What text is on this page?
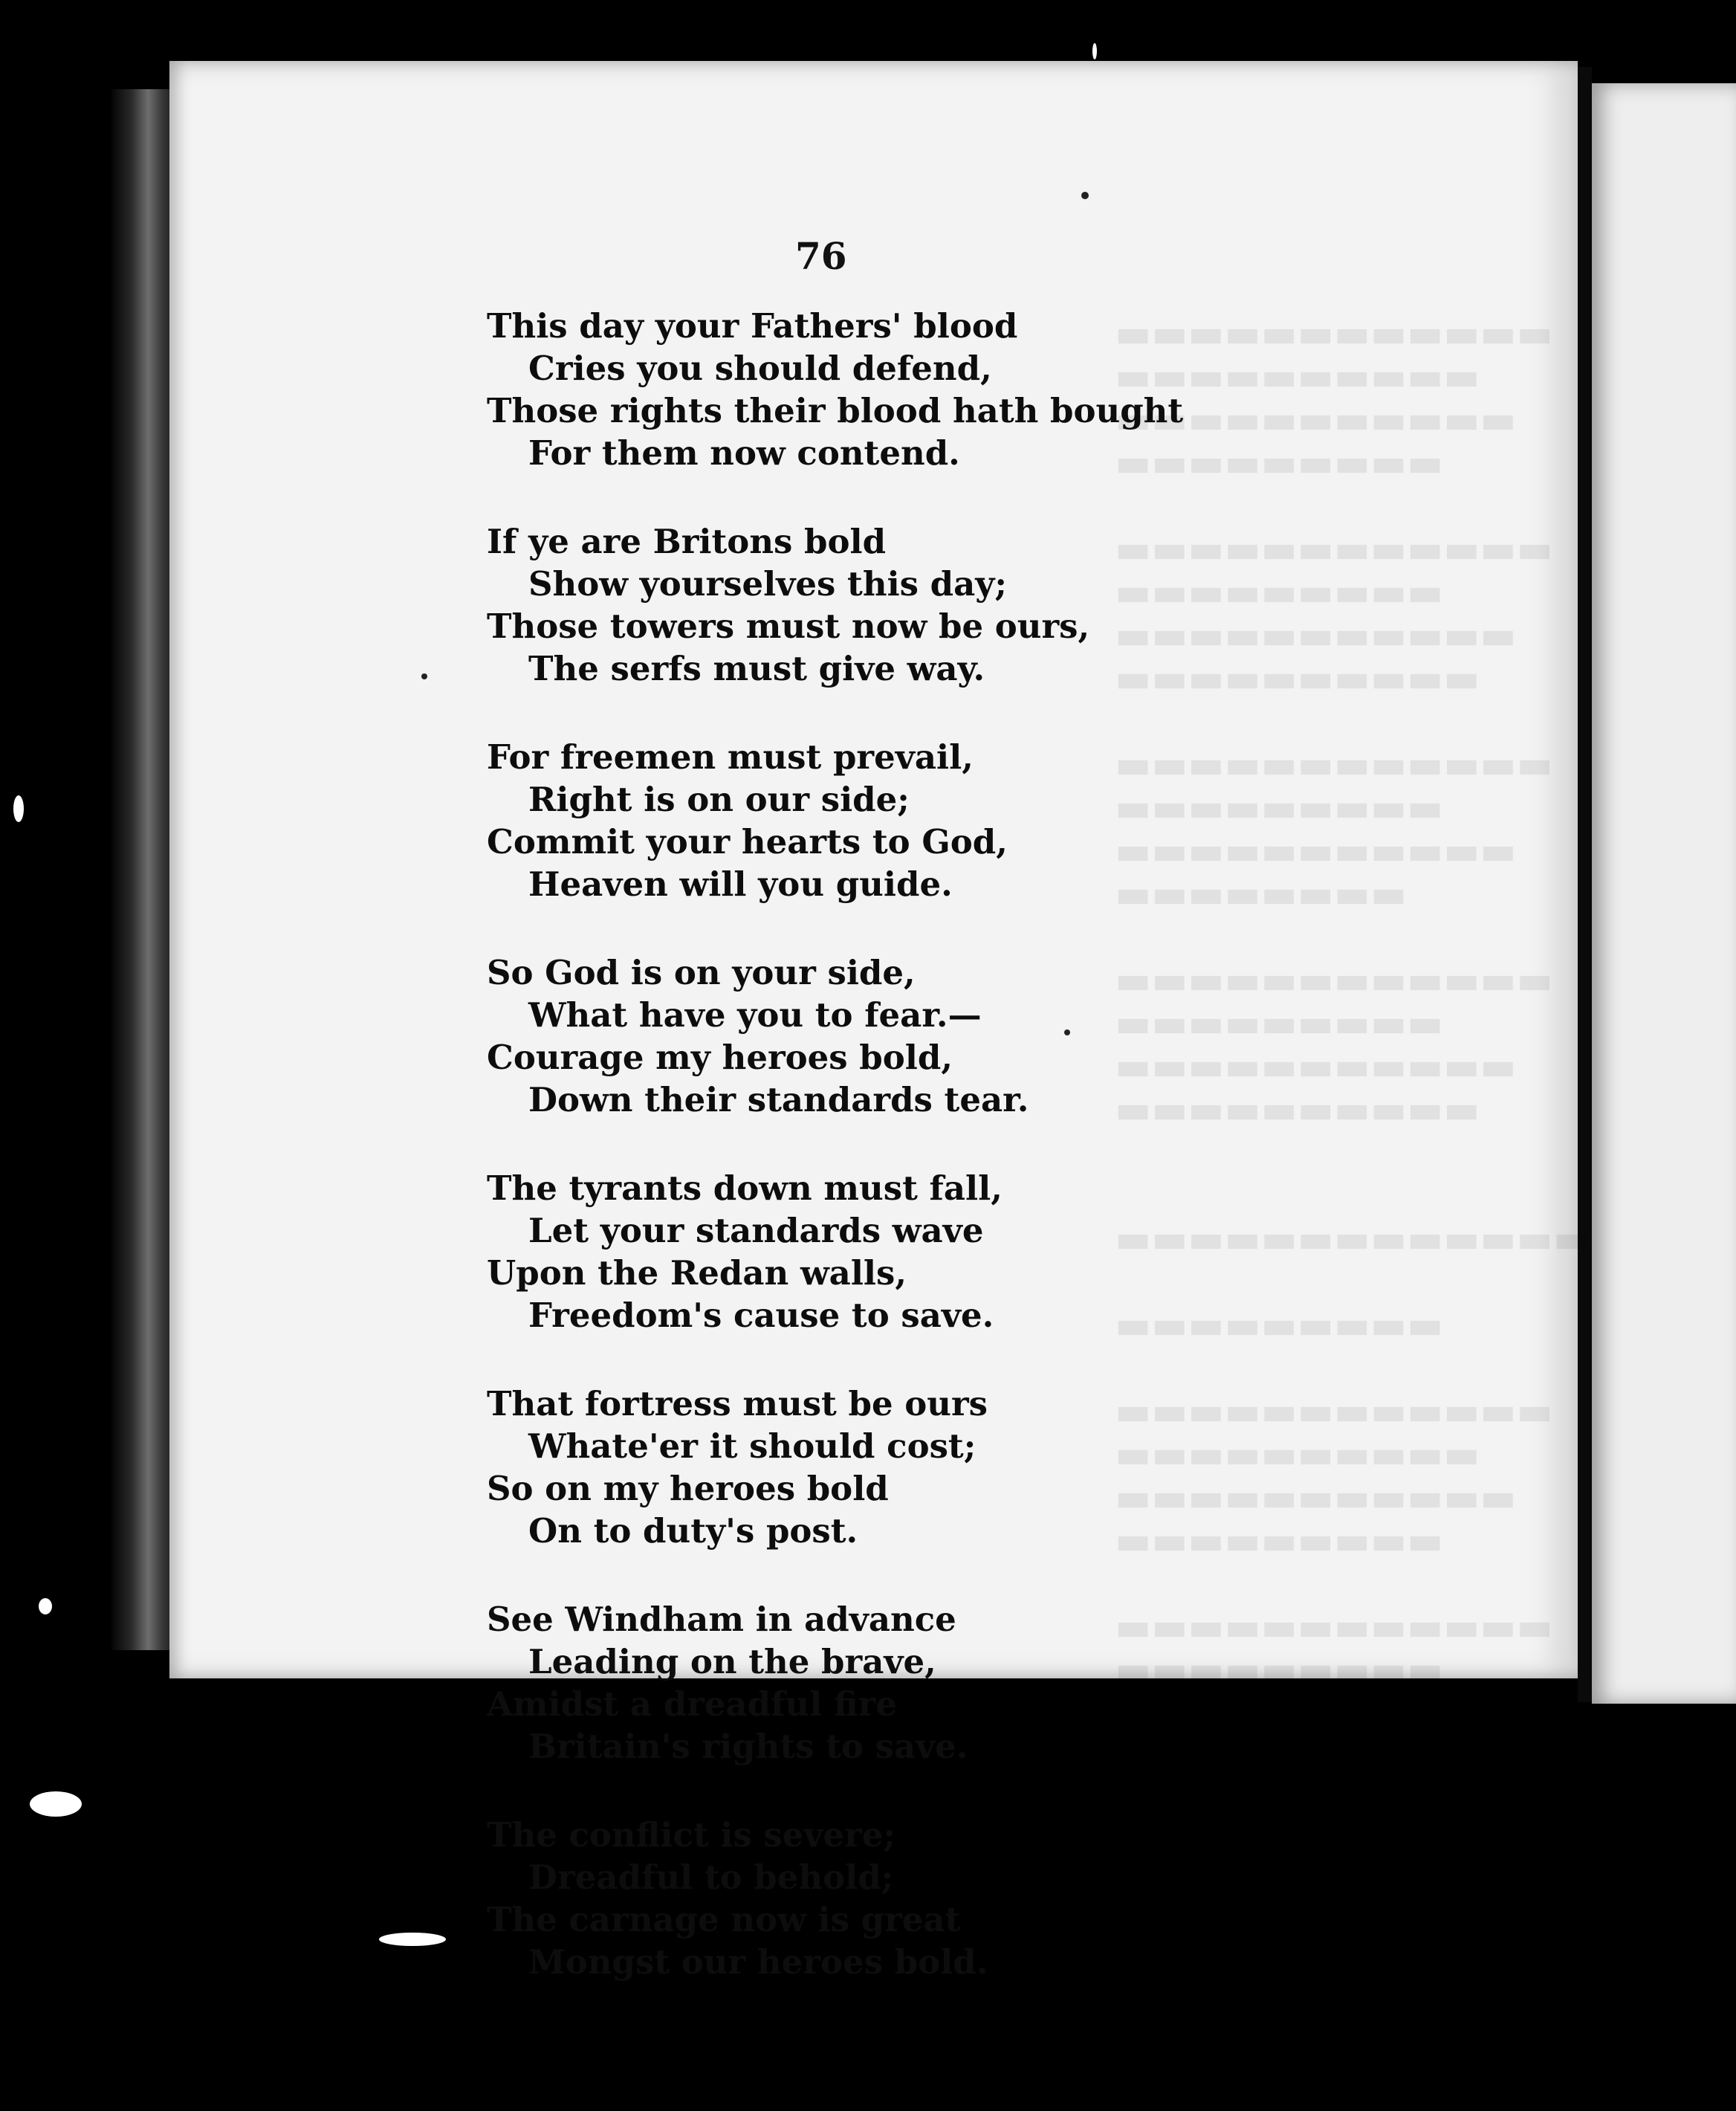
▬▬▬▬▬▬▬▬▬▬▬
▬▬▬▬▬▬▬▬▬▬
▬▬▬▬▬▬▬▬▬▬▬▬
▬▬▬▬▬▬▬▬▬
▬▬▬▬▬▬▬▬▬▬▬
▬▬▬▬▬▬▬▬
76
This day your Fathers' blood
Cries you should defend,
Those rights their blood hath bought
For them now contend.
If ye are Britons bold
Show yourselves this day;
Those towers must now be ours,
The serfs must give way.
For freemen must prevail,
Right is on our side;
Commit your hearts to God,
Heaven will you guide.
So God is on your side,
What have you to fear.—
Courage my heroes bold,
Down their standards tear.
The tyrants down must fall,
Let your standards wave
Upon the Redan walls,
Freedom's cause to save.
That fortress must be ours
Whate'er it should cost;
So on my heroes bold
On to duty's post.
See Windham in advance
Leading on the brave,
Amidst a dreadful fire
Britain's rights to save.
The conflict is severe;
Dreadful to behold;
The carnage now is great
Mongst our heroes bold.
